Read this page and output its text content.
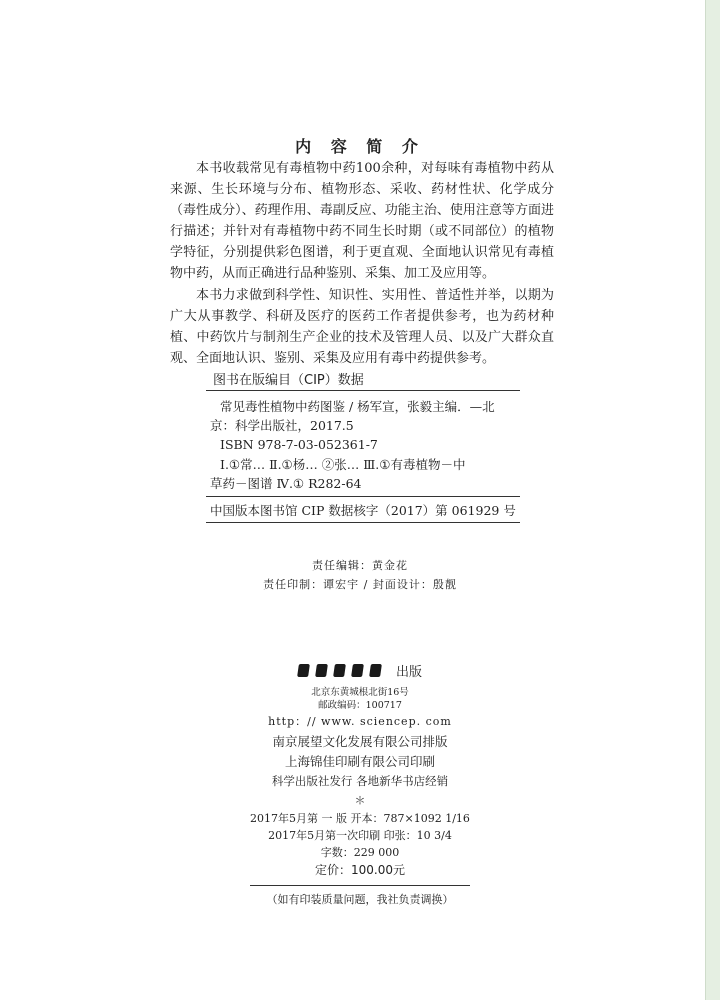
内 容 简 介

本书收载常见有毒植物中药100余种，对每味有毒植物中药从来源、生长环境与分布、植物形态、采收、药材性状、化学成分（毒性成分）、药理作用、毒副反应、功能主治、使用注意等方面进行描述；并针对有毒植物中药不同生长时期（或不同部位）的植物学特征，分别提供彩色图谱，利于更直观、全面地认识常见有毒植物中药，从而正确进行品种鉴别、采集、加工及应用等。

本书力求做到科学性、知识性、实用性、普适性并举，以期为广大从事教学、科研及医疗的医药工作者提供参考，也为药材种植、中药饮片与制剂生产企业的技术及管理人员、以及广大群众直观、全面地认识、鉴别、采集及应用有毒中药提供参考。

图书在版编目（CIP）数据
常见毒性植物中药图鉴 / 杨军宣，张毅主编．—北
京：科学出版社，2017.5
ISBN 978-7-03-052361-7
Ⅰ.①常… Ⅱ.①杨… ②张… Ⅲ.①有毒植物－中
草药－图谱 Ⅳ.① R282-64
中国版本图书馆 CIP 数据核字（2017）第 061929 号
责任编辑：黄金花
责任印制：谭宏宇 / 封面设计：殷靓
出版
北京东黄城根北街16号
邮政编码：100717
http：// www. sciencep. com
南京展望文化发展有限公司排版
上海锦佳印刷有限公司印刷
科学出版社发行 各地新华书店经销
＊
2017年5月第 一 版 开本：787×1092 1/16
2017年5月第一次印刷 印张：10 3/4
字数：229 000
定价：100.00元
（如有印装质量问题，我社负责调换）
